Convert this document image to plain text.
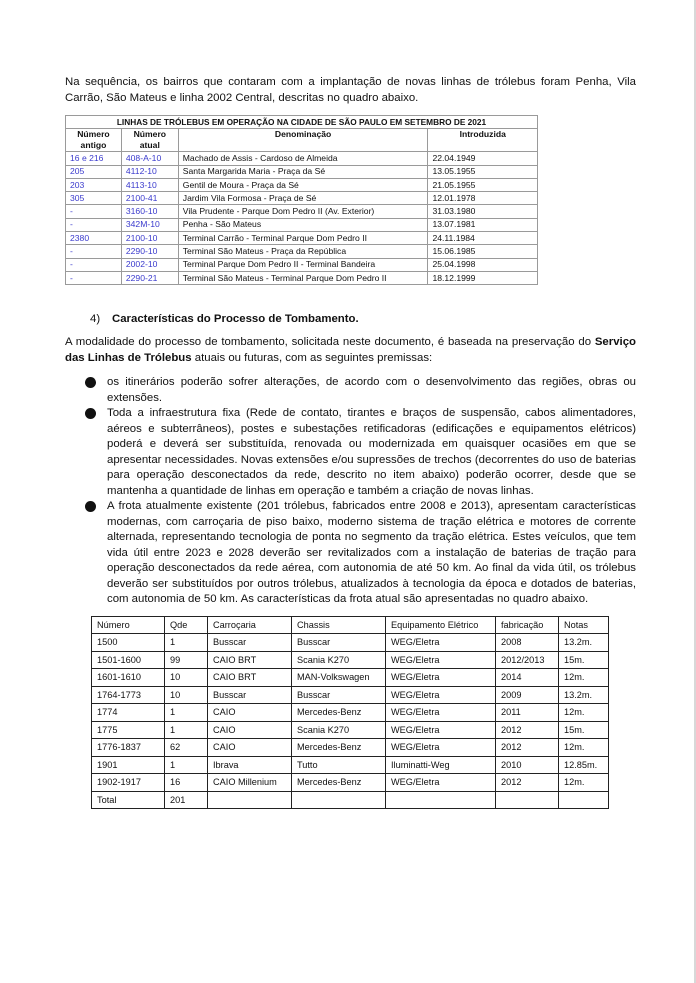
Na sequência, os bairros que contaram com a implantação de novas linhas de trólebus foram Penha, Vila Carrão, São Mateus e linha 2002 Central, descritas no quadro abaixo.

LINHAS DE TRÓLEBUS EM OPERAÇÃO NA CIDADE DE SÃO PAULO EM SETEMBRO DE 2021			
Número antigo	Número atual	Denominação	Introduzida
16 e 216	408-A-10	Machado de Assis - Cardoso de Almeida	22.04.1949
205	4112-10	Santa Margarida Maria - Praça da Sé	13.05.1955
203	4113-10	Gentil de Moura - Praça da Sé	21.05.1955
305	2100-41	Jardim Vila Formosa - Praça de Sé	12.01.1978
-	3160-10	Vila Prudente - Parque Dom Pedro II (Av. Exterior)	31.03.1980
-	342M-10	Penha - São Mateus	13.07.1981
2380	2100-10	Terminal Carrão - Terminal Parque Dom Pedro II	24.11.1984
-	2290-10	Terminal São Mateus - Praça da República	15.06.1985
-	2002-10	Terminal Parque Dom Pedro II - Terminal Bandeira	25.04.1998
-	2290-21	Terminal São Mateus - Terminal Parque Dom Pedro II	18.12.1999
4) Características do Processo de Tombamento.

A modalidade do processo de tombamento, solicitada neste documento, é baseada na preservação do Serviço das Linhas de Trólebus atuais ou futuras, com as seguintes premissas:

os itinerários poderão sofrer alterações, de acordo com o desenvolvimento das regiões, obras ou extensões.
Toda a infraestrutura fixa (Rede de contato, tirantes e braços de suspensão, cabos alimentadores, aéreos e subterrâneos), postes e subestações retificadoras (edificações e equipamentos elétricos) poderá e deverá ser substituída, renovada ou modernizada em quaisquer ocasiões em que se apresentar necessidades. Novas extensões e/ou supressões de trechos (decorrentes do uso de baterias para operação desconectados da rede, descrito no item abaixo) poderão ocorrer, desde que se mantenha a quantidade de linhas em operação e também a criação de novas linhas.
A frota atualmente existente (201 trólebus, fabricados entre 2008 e 2013), apresentam características modernas, com carroçaria de piso baixo, moderno sistema de tração elétrica e motores de corrente alternada, representando tecnologia de ponta no segmento da tração elétrica. Estes veículos, que tem vida útil entre 2023 e 2028 deverão ser revitalizados com a instalação de baterias de tração para operação desconectados da rede aérea, com autonomia de até 50 km. Ao final da vida útil, os trólebus deverão ser substituídos por outros trólebus, atualizados à tecnologia da época e dotados de baterias, com autonomia de 50 km. As características da frota atual são apresentadas no quadro abaixo.
Número	Qde	Carroçaria	Chassis	Equipamento Elétrico	fabricação	Notas
1500	1	Busscar	Busscar	WEG/Eletra	2008	13.2m.
1501-1600	99	CAIO BRT	Scania K270	WEG/Eletra	2012/2013	15m.
1601-1610	10	CAIO BRT	MAN-Volkswagen	WEG/Eletra	2014	12m.
1764-1773	10	Busscar	Busscar	WEG/Eletra	2009	13.2m.
1774	1	CAIO	Mercedes-Benz	WEG/Eletra	2011	12m.
1775	1	CAIO	Scania K270	WEG/Eletra	2012	15m.
1776-1837	62	CAIO	Mercedes-Benz	WEG/Eletra	2012	12m.
1901	1	Ibrava	Tutto	Iluminatti-Weg	2010	12.85m.
1902-1917	16	CAIO Millenium	Mercedes-Benz	WEG/Eletra	2012	12m.
Total	201					
